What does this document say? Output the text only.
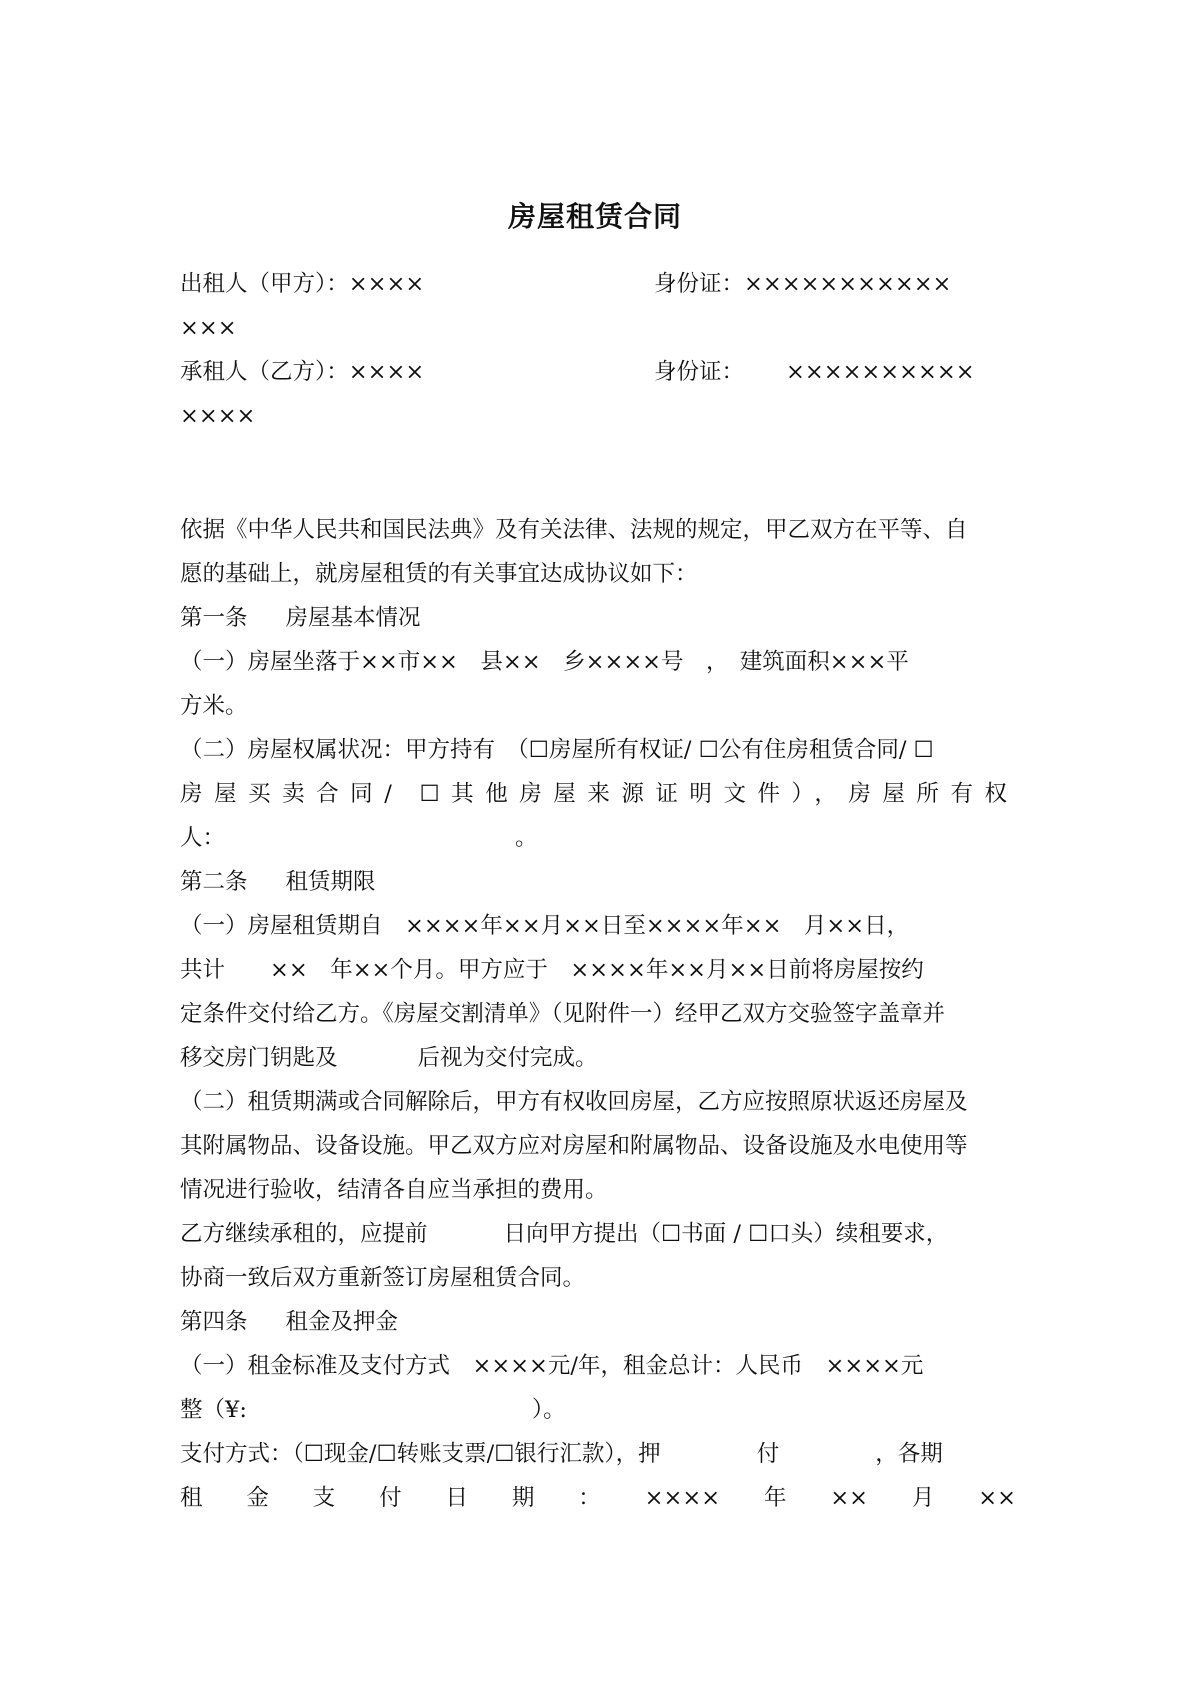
房屋租赁合同
出租人（甲方）：××××	身份证：×××××××××××
×××
承租人（乙方）：××××	身份证： ××××××××××
××××
依据《中华人民共和国民法典》及有关法律、法规的规定，甲乙双方在平等、自
愿的基础上，就房屋租赁的有关事宜达成协议如下：
第一条 房屋基本情况
（一）房屋坐落于××市××　县××　乡××××号　，　建筑面积×××平
方米。
（二）房屋权属状况：甲方持有　（☐房屋所有权证/ ☐公有住房租赁合同/ ☐
房屋买卖合同/ ☐其他房屋来源证明文件），房屋所有权
人：	。
第二条 租赁期限
（一）房屋租赁期自　××××年××月××日至××××年××　月××日，
共计　　××　年××个月。甲方应于　××××年××月××日前将房屋按约
定条件交付给乙方。《房屋交割清单》（见附件一）经甲乙双方交验签字盖章并
移交房门钥匙及	后视为交付完成。
（二）租赁期满或合同解除后，甲方有权收回房屋，乙方应按照原状返还房屋及
其附属物品、设备设施。甲乙双方应对房屋和附属物品、设备设施及水电使用等
情况进行验收，结清各自应当承担的费用。
乙方继续承租的，应提前	日向甲方提出（☐书面 / ☐口头）续租要求，
协商一致后双方重新签订房屋租赁合同。
第四条 租金及押金
（一）租金标准及支付方式　××××元/年，租金总计：人民币　××××元
整（¥:	）。
支付方式：（☐现金/☐转账支票/☐银行汇款），押	付	，各期
租金支付日期：××××年××月××
